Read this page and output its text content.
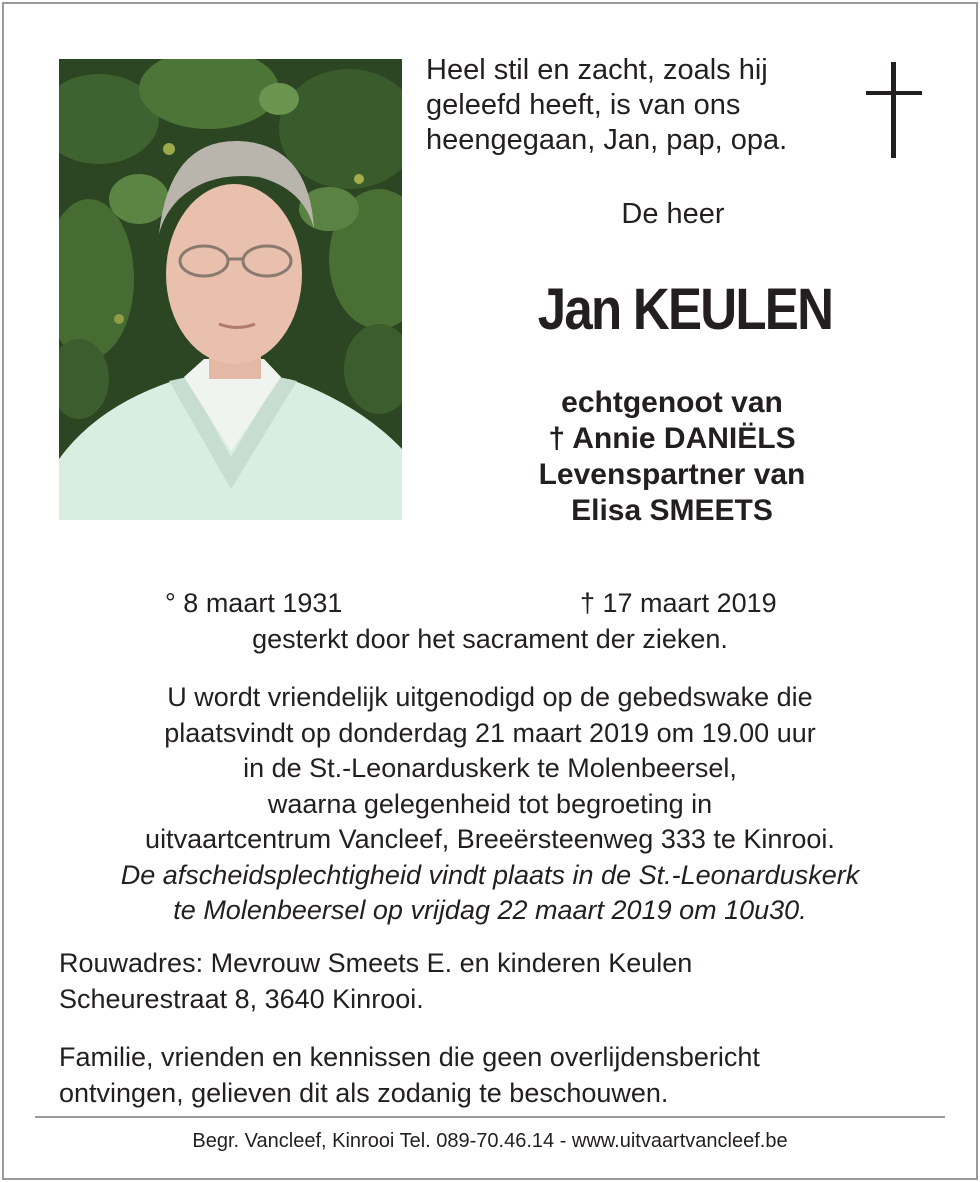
Heel stil en zacht, zoals hij
geleefd heeft, is van ons
heengegaan, Jan, pap, opa.
De heer
Jan KEULEN
echtgenoot van
† Annie DANIËLS
Levenspartner van
Elisa SMEETS
° 8 maart 1931	† 17 maart 2019
gesterkt door het sacrament der zieken.
U wordt vriendelijk uitgenodigd op de gebedswake die
plaatsvindt op donderdag 21 maart 2019 om 19.00 uur
in de St.-Leonarduskerk te Molenbeersel,
waarna gelegenheid tot begroeting in
uitvaartcentrum Vancleef, Breeërsteenweg 333 te Kinrooi.
De afscheidsplechtigheid vindt plaats in de St.-Leonarduskerk
te Molenbeersel op vrijdag 22 maart 2019 om 10u30.
Rouwadres: Mevrouw Smeets E. en kinderen Keulen
Scheurestraat 8, 3640 Kinrooi.
Familie, vrienden en kennissen die geen overlijdensbericht
ontvingen, gelieven dit als zodanig te beschouwen.
Begr. Vancleef, Kinrooi Tel. 089-70.46.14 - www.uitvaartvancleef.be
